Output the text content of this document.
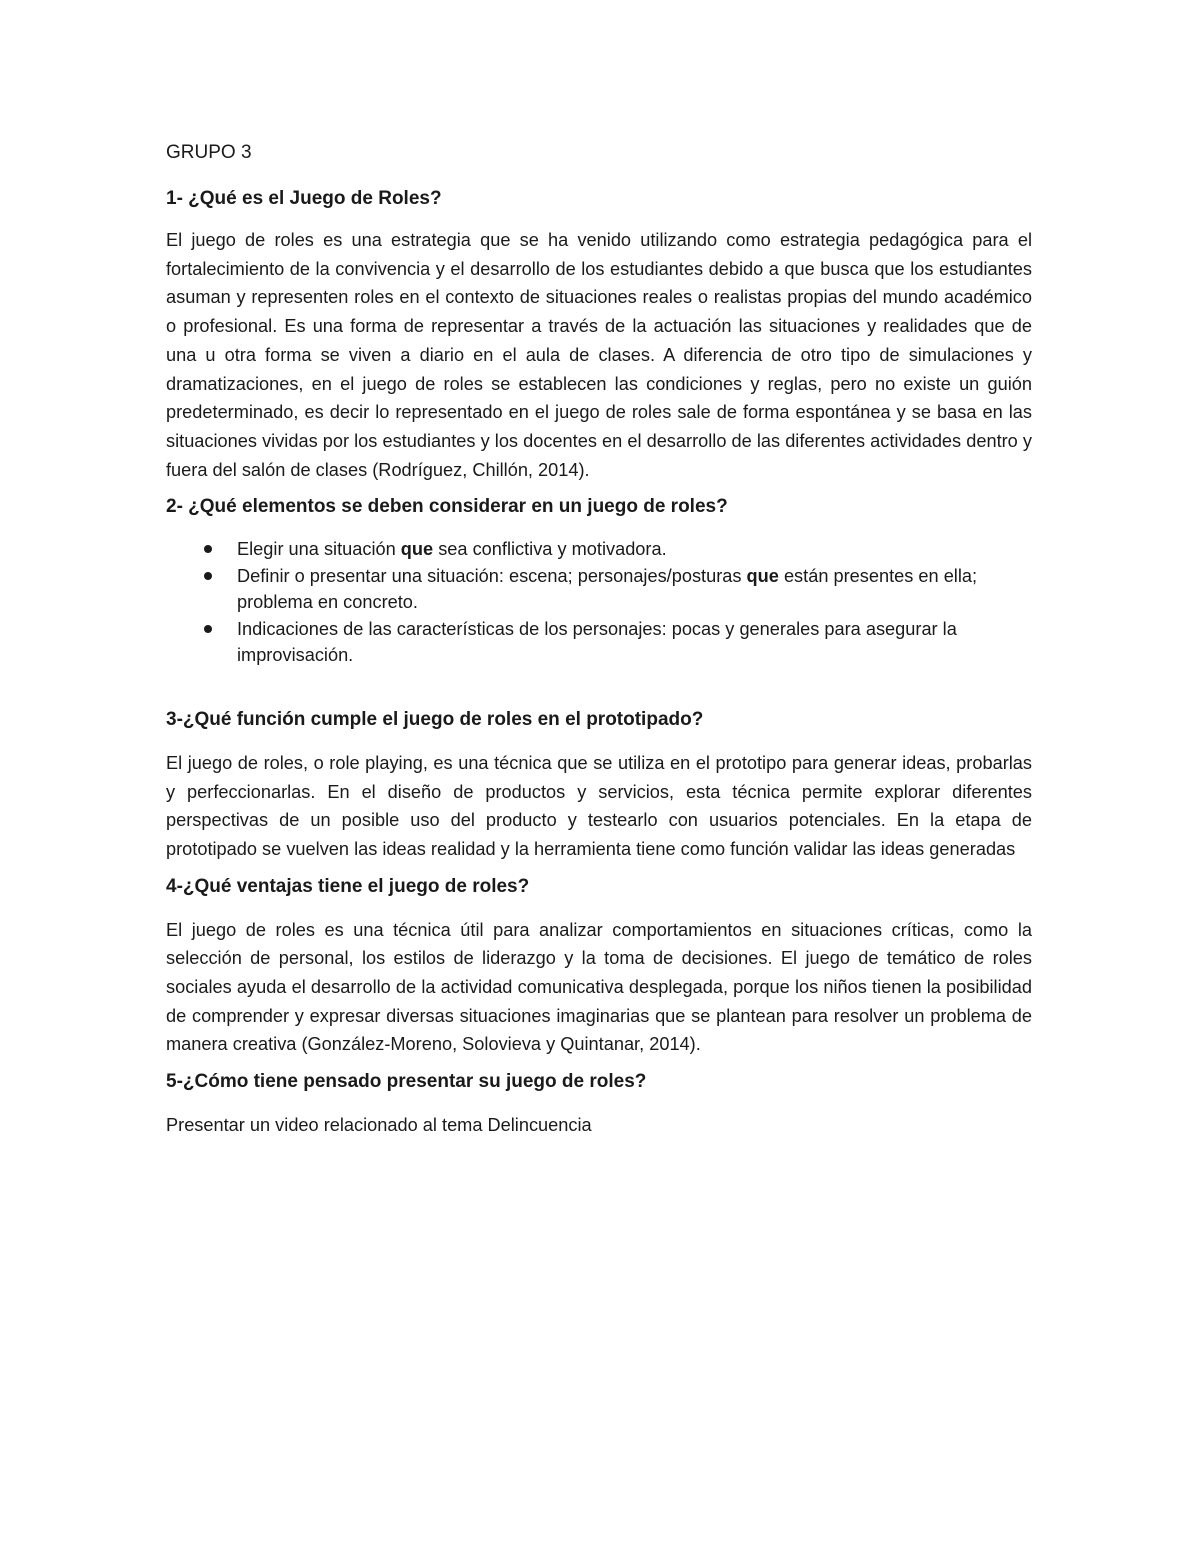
GRUPO 3

1- ¿Qué es el Juego de Roles?

El juego de roles es una estrategia que se ha venido utilizando como estrategia pedagógica para el fortalecimiento de la convivencia y el desarrollo de los estudiantes debido a que busca que los estudiantes asuman y representen roles en el contexto de situaciones reales o realistas propias del mundo académico o profesional. Es una forma de representar a través de la actuación las situaciones y realidades que de una u otra forma se viven a diario en el aula de clases. A diferencia de otro tipo de simulaciones y dramatizaciones, en el juego de roles se establecen las condiciones y reglas, pero no existe un guión predeterminado, es decir lo representado en el juego de roles sale de forma espontánea y se basa en las situaciones vividas por los estudiantes y los docentes en el desarrollo de las diferentes actividades dentro y fuera del salón de clases (Rodríguez, Chillón, 2014).

2- ¿Qué elementos se deben considerar en un juego de roles?

Elegir una situación que sea conflictiva y motivadora.
Definir o presentar una situación: escena; personajes/posturas que están presentes en ella; problema en concreto.
Indicaciones de las características de los personajes: pocas y generales para asegurar la improvisación.

3-¿Qué función cumple el juego de roles en el prototipado?

El juego de roles, o role playing, es una técnica que se utiliza en el prototipo para generar ideas, probarlas y perfeccionarlas. En el diseño de productos y servicios, esta técnica permite explorar diferentes perspectivas de un posible uso del producto y testearlo con usuarios potenciales. En la etapa de prototipado se vuelven las ideas realidad y la herramienta tiene como función validar las ideas generadas

4-¿Qué ventajas tiene el juego de roles?

El juego de roles es una técnica útil para analizar comportamientos en situaciones críticas, como la selección de personal, los estilos de liderazgo y la toma de decisiones. El juego de temático de roles sociales ayuda el desarrollo de la actividad comunicativa desplegada, porque los niños tienen la posibilidad de comprender y expresar diversas situaciones imaginarias que se plantean para resolver un problema de manera creativa (González-Moreno, Solovieva y Quintanar, 2014).

5-¿Cómo tiene pensado presentar su juego de roles?

Presentar un video relacionado al tema Delincuencia
